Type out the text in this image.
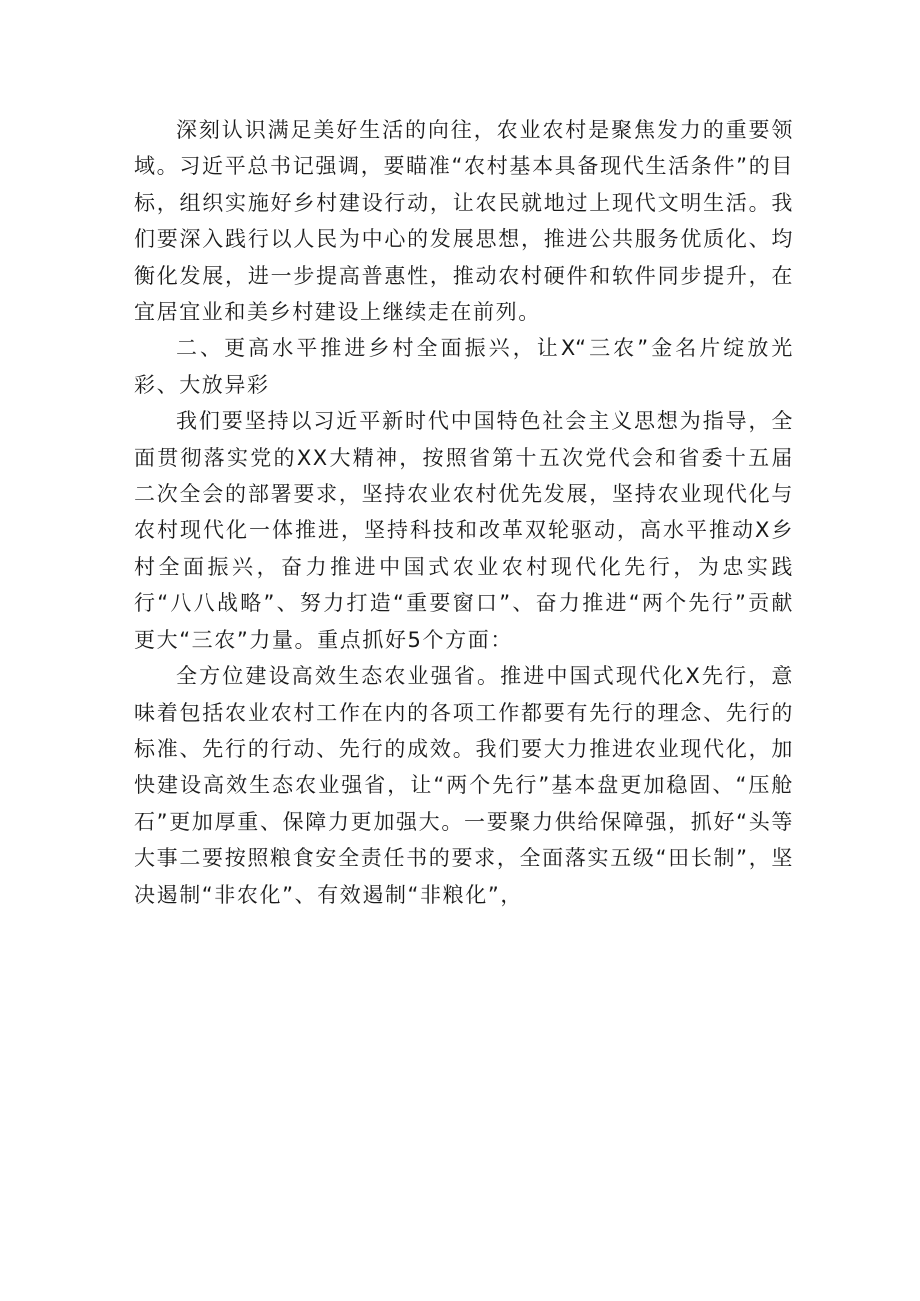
深刻认识满足美好生活的向往，农业农村是聚焦发力的重要领域。习近平总书记强调，要瞄准“农村基本具备现代生活条件”的目标，组织实施好乡村建设行动，让农民就地过上现代文明生活。我们要深入践行以人民为中心的发展思想，推进公共服务优质化、均衡化发展，进一步提高普惠性，推动农村硬件和软件同步提升，在宜居宜业和美乡村建设上继续走在前列。

二、更高水平推进乡村全面振兴，让X“三农”金名片绽放光彩、大放异彩

我们要坚持以习近平新时代中国特色社会主义思想为指导，全面贯彻落实党的XX大精神，按照省第十五次党代会和省委十五届二次全会的部署要求，坚持农业农村优先发展，坚持农业现代化与农村现代化一体推进，坚持科技和改革双轮驱动，高水平推动X乡村全面振兴，奋力推进中国式农业农村现代化先行，为忠实践行“八八战略”、努力打造“重要窗口”、奋力推进“两个先行”贡献更大“三农”力量。重点抓好5个方面：

全方位建设高效生态农业强省。推进中国式现代化X先行，意味着包括农业农村工作在内的各项工作都要有先行的理念、先行的标准、先行的行动、先行的成效。我们要大力推进农业现代化，加快建设高效生态农业强省，让“两个先行”基本盘更加稳固、“压舱石”更加厚重、保障力更加强大。一要聚力供给保障强，抓好“头等大事二要按照粮食安全责任书的要求，全面落实五级“田长制”，坚决遏制“非农化”、有效遏制“非粮化”，
